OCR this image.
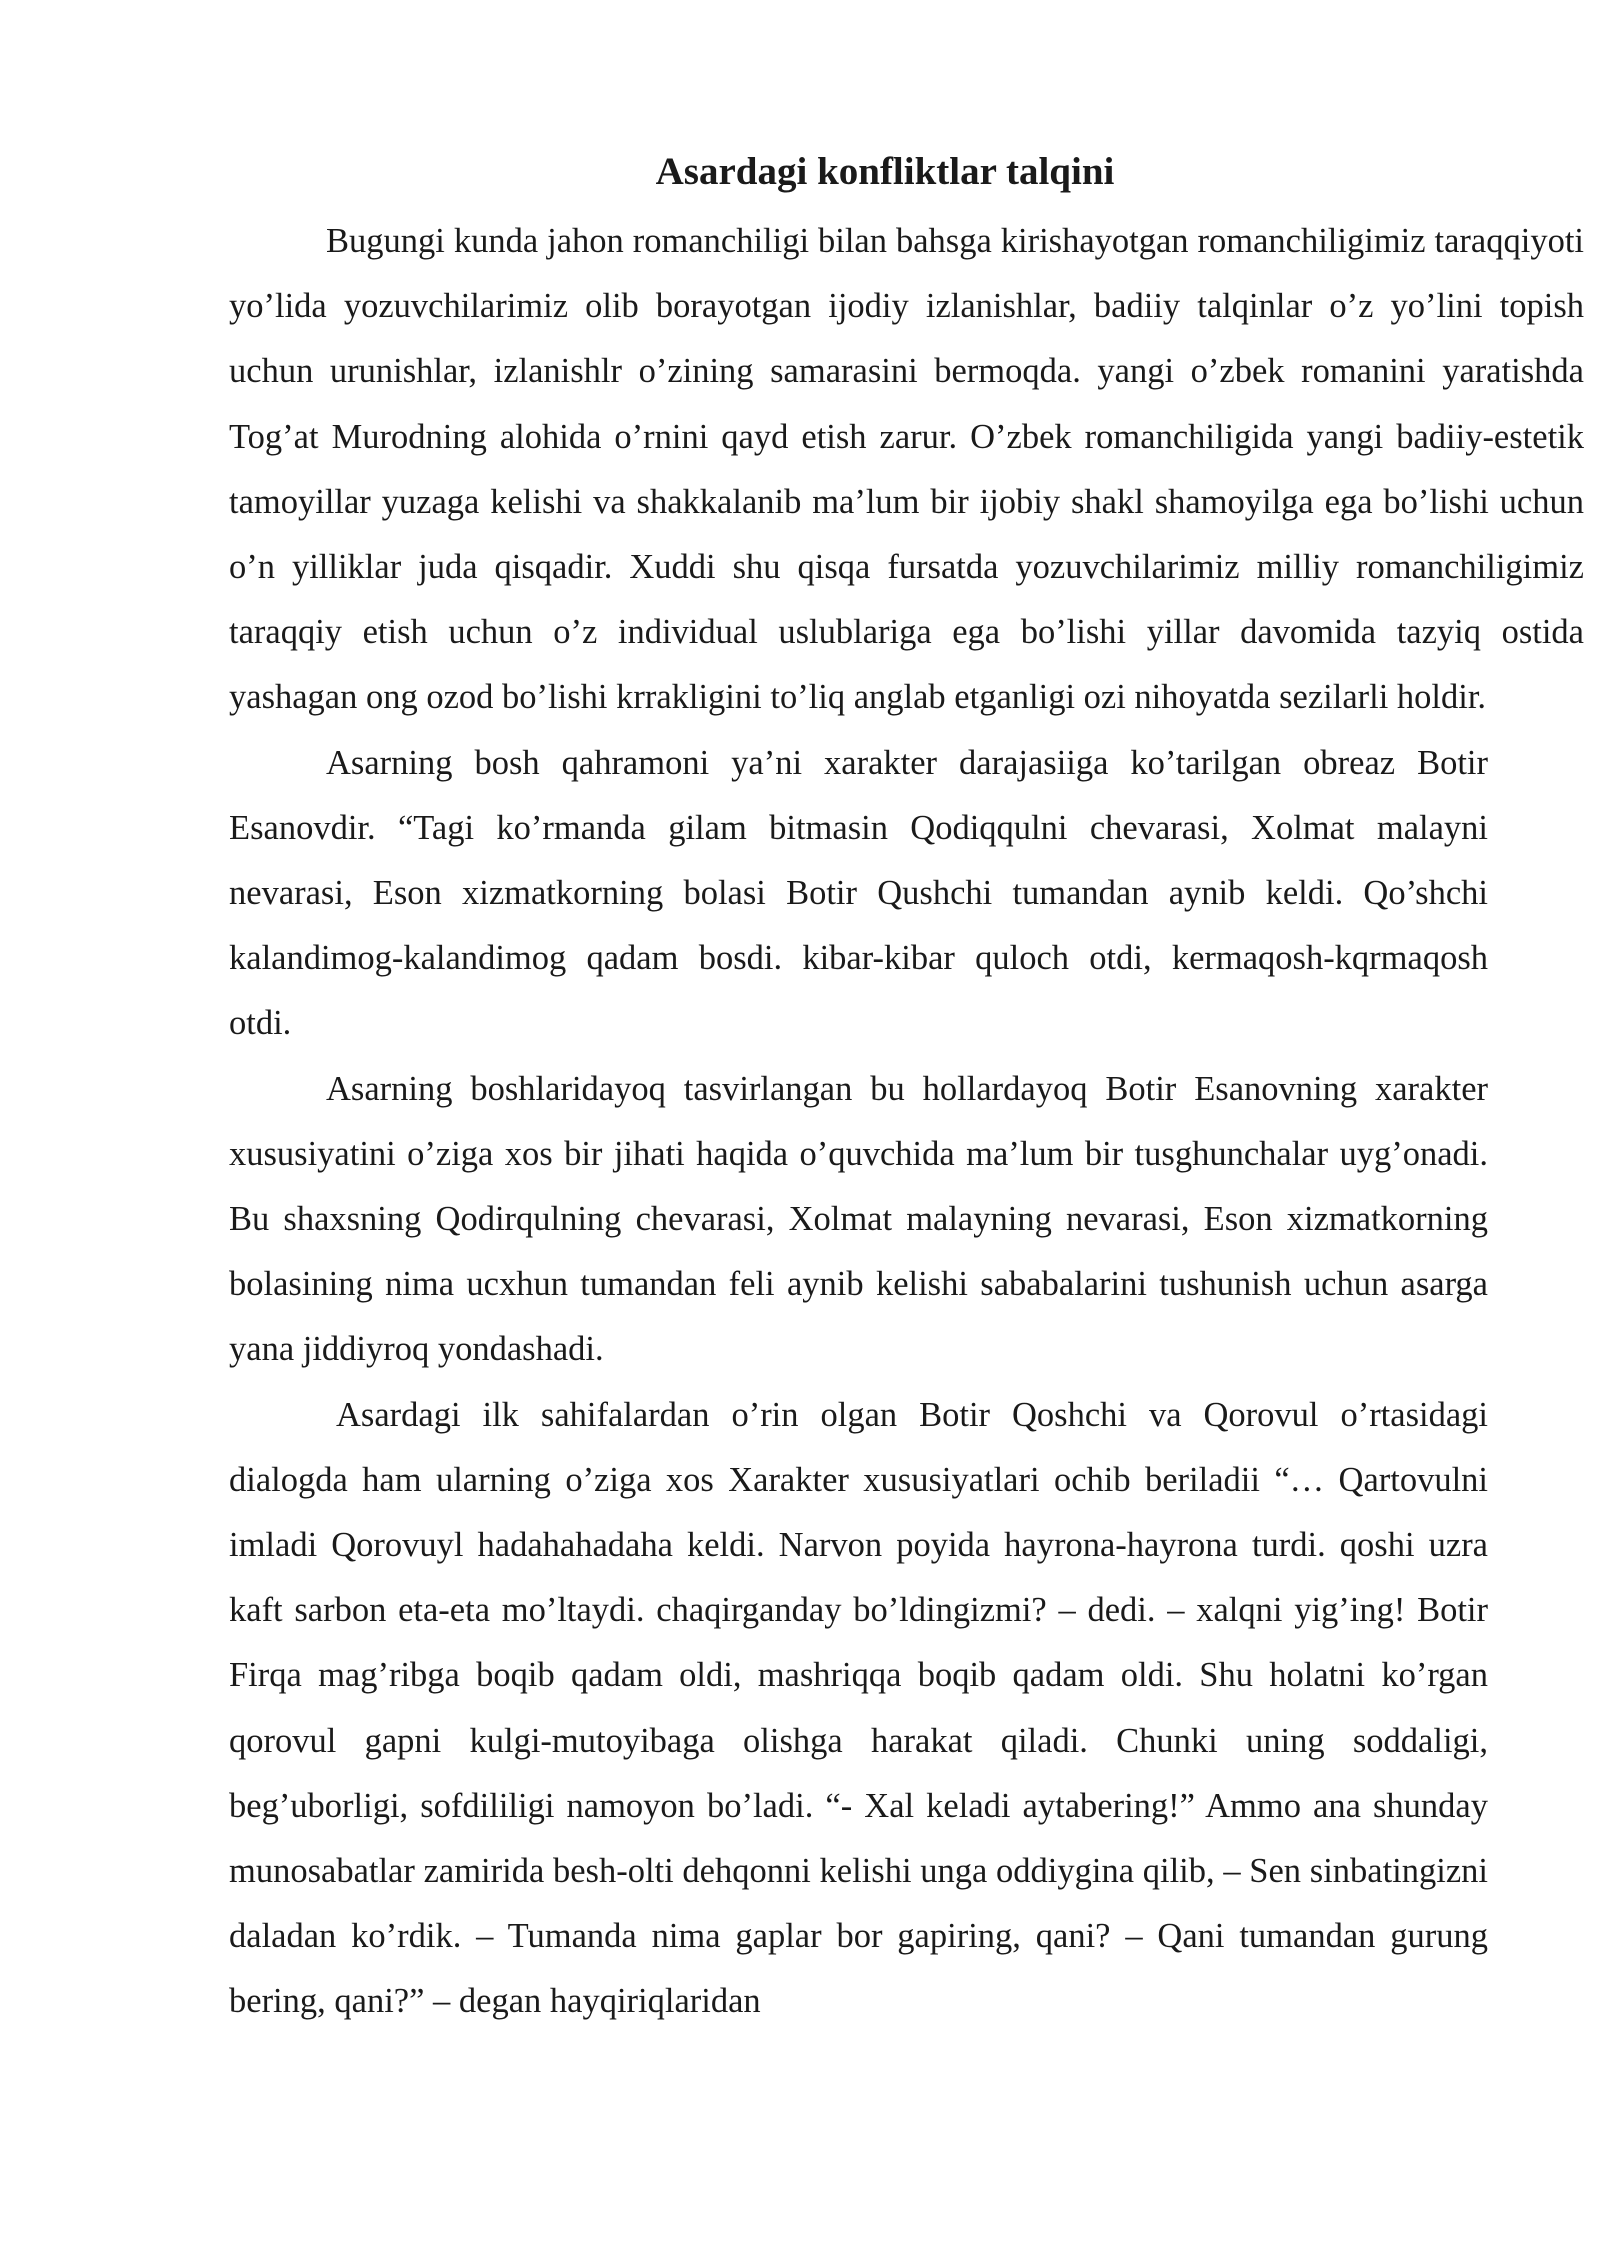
Asardagi konfliktlar talqini

Bugungi kunda jahon romanchiligi bilan bahsga kirishayotgan romanchiligimiz taraqqiyoti yo’lida yozuvchilarimiz olib borayotgan ijodiy izlanishlar, badiiy talqinlar o’z yo’lini topish uchun urunishlar, izlanishlr o’zining samarasini bermoqda. yangi o’zbek romanini yaratishda Tog’at Murodning alohida o’rnini qayd etish zarur. O’zbek romanchiligida yangi badiiy-estetik tamoyillar yuzaga kelishi va shakkalanib ma’lum bir ijobiy shakl shamoyilga ega bo’lishi uchun o’n yilliklar juda qisqadir. Xuddi shu qisqa fursatda yozuvchilarimiz milliy romanchiligimiz taraqqiy etish uchun o’z individual uslublariga ega bo’lishi yillar davomida tazyiq ostida yashagan ong ozod bo’lishi krrakligini to’liq anglab etganligi ozi nihoyatda sezilarli holdir.

Asarning bosh qahramoni ya’ni xarakter darajasiiga ko’tarilgan obreaz Botir Esanovdir. “Tagi ko’rmanda gilam bitmasin Qodiqqulni chevarasi, Xolmat malayni nevarasi, Eson xizmatkorning bolasi Botir Qushchi tumandan aynib keldi. Qo’shchi kalandimog-kalandimog qadam bosdi. kibar-kibar quloch otdi, kermaqosh-kqrmaqosh otdi.

Asarning boshlaridayoq tasvirlangan bu hollardayoq Botir Esanovning xarakter xususiyatini o’ziga xos bir jihati haqida o’quvchida ma’lum bir tusghunchalar uyg’onadi. Bu shaxsning Qodirqulning chevarasi, Xolmat malayning nevarasi, Eson xizmatkorning bolasining nima ucxhun tumandan feli aynib kelishi sababalarini tushunish uchun asarga yana jiddiyroq yondashadi.

Asardagi ilk sahifalardan o’rin olgan Botir Qoshchi va Qorovul o’rtasidagi dialogda ham ularning o’ziga xos Xarakter xususiyatlari ochib beriladii “… Qartovulni imladi Qorovuyl hadahahadaha keldi. Narvon poyida hayrona-hayrona turdi. qoshi uzra kaft sarbon eta-eta mo’ltaydi. chaqirganday bo’ldingizmi? – dedi. – xalqni yig’ing! Botir Firqa mag’ribga boqib qadam oldi, mashriqqa boqib qadam oldi. Shu holatni ko’rgan qorovul gapni kulgi-mutoyibaga olishga harakat qiladi. Chunki uning soddaligi, beg’uborligi, sofdililigi namoyon bo’ladi. “- Xal keladi aytabering!” Ammo ana shunday munosabatlar zamirida besh-olti dehqonni kelishi unga oddiygina qilib, – Sen sinbatingizni daladan ko’rdik. – Tumanda nima gaplar bor gapiring, qani? – Qani tumandan gurung bering, qani?” – degan hayqiriqlaridan
